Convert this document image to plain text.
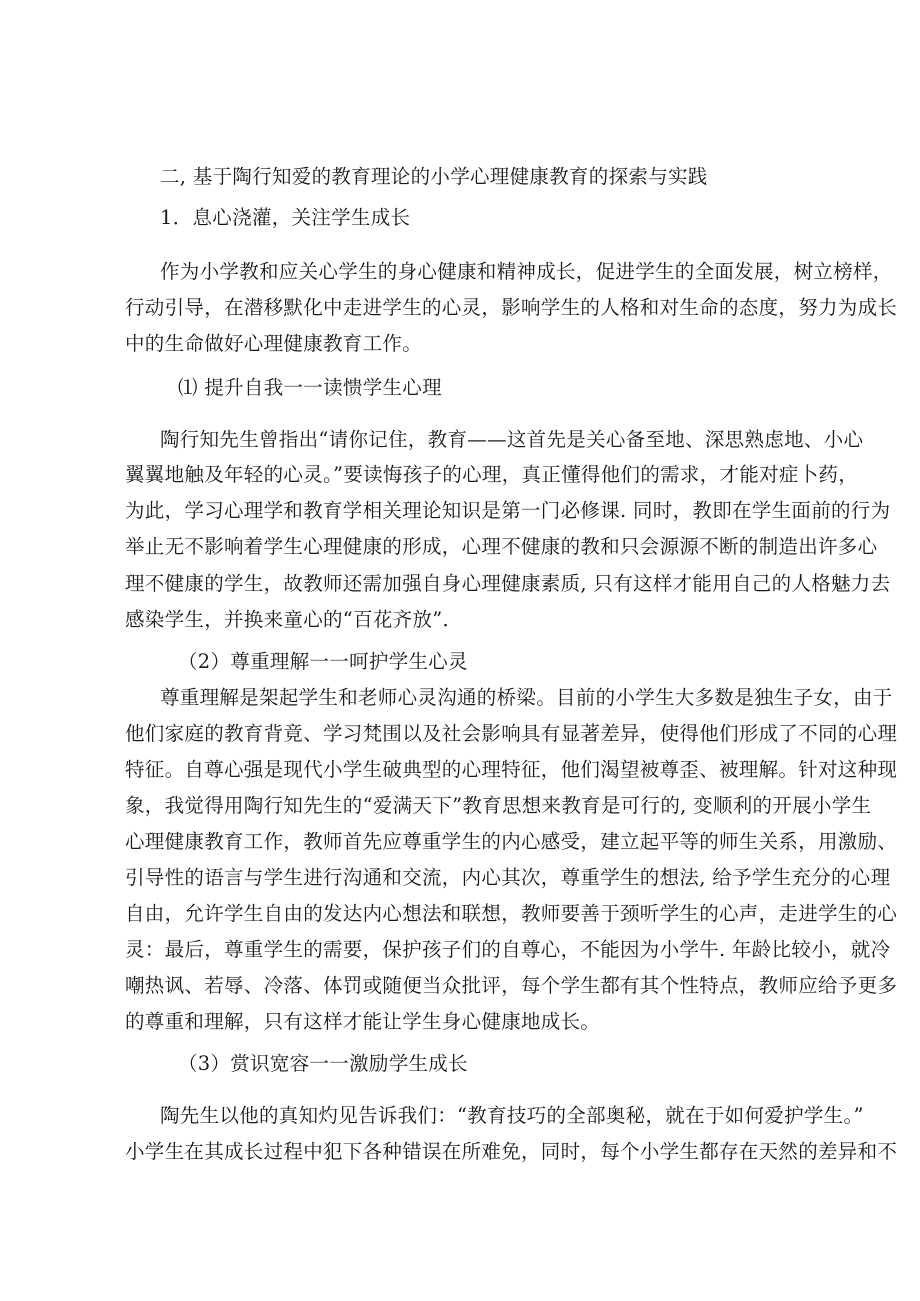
二, 基于陶行知爱的教育理论的小学心理健康教育的探索与实践

1．息心浇灌，关注学生成长

作为小学教和应关心学生的身心健康和精神成长，促进学生的全面发展，树立榜样，

行动引导，在潜移默化中走进学生的心灵，影响学生的人格和对生命的态度，努力为成长

中的生命做好心理健康教育工作。

⑴ 提升自我一一读愦学生心理

陶行知先生曾指出“请你记住，教育——这首先是关心备至地、深思熟虑地、小心

翼翼地触及年轻的心灵。”要读悔孩子的心理，真正懂得他们的需求，才能对症卜药，

为此，学习心理学和教育学相关理论知识是第一门必修课. 同时，教即在学生面前的行为

举止无不影响着学生心理健康的形成，心理不健康的教和只会源源不断的制造出许多心

理不健康的学生，故教师还需加强自身心理健康素质, 只有这样才能用自己的人格魅力去

感染学生，并换来童心的“百花齐放”．

（2）尊重理解一一呵护学生心灵

尊重理解是架起学生和老师心灵沟通的桥梁。目前的小学生大多数是独生子女，由于

他们家庭的教育背竟、学习梵围以及社会影响具有显著差异，使得他们形成了不同的心理

特征。自尊心强是现代小学生破典型的心理特征，他们渴望被尊歪、被理解。针对这种现

象，我觉得用陶行知先生的“爱满天下”教育思想来教育是可行的, 变顺利的开展小学生

心理健康教育工作，教师首先应尊重学生的内心感受，建立起平等的师生关系，用激励、

引导性的语言与学生进行沟通和交流，内心其次，尊重学生的想法, 给予学生充分的心理

自由，允许学生自由的发达内心想法和联想，教师要善于颈听学生的心声，走进学生的心

灵：最后，尊重学生的需要，保护孩子们的自尊心，不能因为小学牛. 年龄比较小，就冷

嘲热讽、若辱、冷落、体罚或随便当众批评，每个学生都有其个性特点，教师应给予更多

的尊重和理解，只有这样才能让学生身心健康地成长。

（3）赏识宽容一一激励学生成长

陶先生以他的真知灼见告诉我们：“教育技巧的全部奥秘，就在于如何爱护学生。”

小学生在其成长过程中犯下各种错误在所难免，同时，每个小学生都存在天然的差异和不
